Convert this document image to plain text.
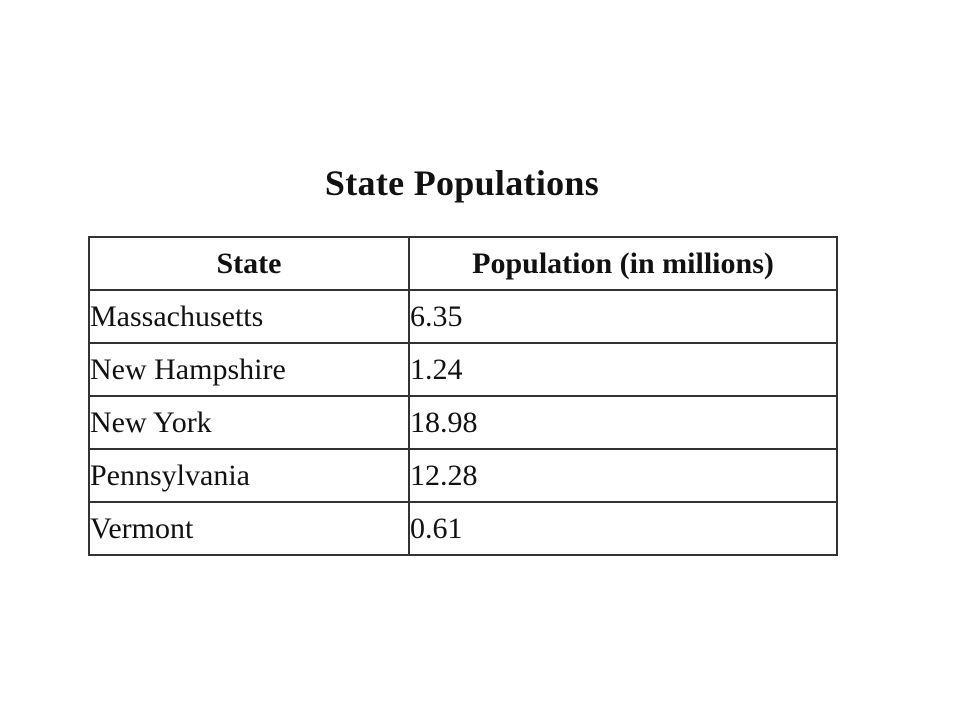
State Populations
State	Population (in millions)
Massachusetts	6.35
New Hampshire	1.24
New York	18.98
Pennsylvania	12.28
Vermont	0.61
